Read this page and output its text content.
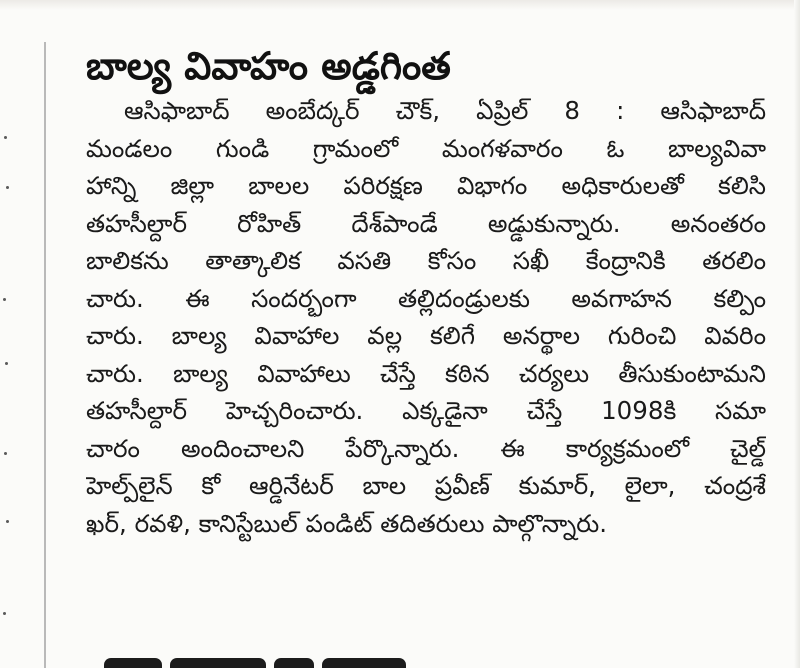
బాల్య వివాహం అడ్డగింత
ఆసిఫాబాద్ అంబేద్కర్ చౌక్, ఏప్రిల్ 8 : ఆసిఫాబాద్
మండలం గుండి గ్రామంలో మంగళవారం ఓ బాల్యవివా
హాన్ని జిల్లా బాలల పరిరక్షణ విభాగం అధికారులతో కలిసి
తహసీల్దార్ రోహిత్ దేశ్‌పాండే అడ్డుకున్నారు. అనంతరం
బాలికను తాత్కాలిక వసతి కోసం సఖీ కేంద్రానికి తరలిం
చారు. ఈ సందర్భంగా తల్లిదండ్రులకు అవగాహన కల్పిం
చారు. బాల్య వివాహాల వల్ల కలిగే అనర్థాల గురించి వివరిం
చారు. బాల్య వివాహాలు చేస్తే కఠిన చర్యలు తీసుకుంటామని
తహసీల్దార్ హెచ్చరించారు. ఎక్కడైనా చేస్తే 1098కి సమా
చారం అందించాలని పేర్కొన్నారు. ఈ కార్యక్రమంలో చైల్డ్
హెల్ప్‌లైన్ కో ఆర్డినేటర్ బాల ప్రవీణ్ కుమార్, లైలా, చంద్రశే
ఖర్, రవళి, కానిస్టేబుల్ పండిట్ తదితరులు పాల్గొన్నారు.
